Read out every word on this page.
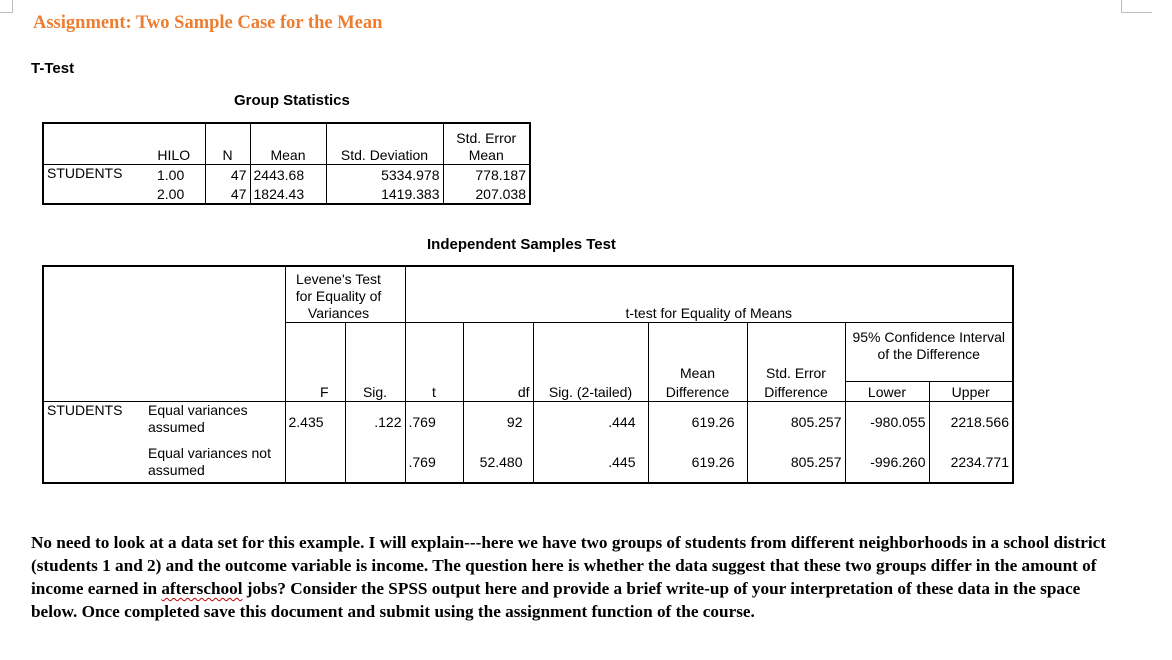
Assignment: Two Sample Case for the Mean
T-Test
Group Statistics
	HILO	N	Mean	Std. Deviation	Std. Error
Mean

STUDENTS	1.00	47	2443.68	5334.978	778.187
	2.00	47	1824.43	1419.383	207.038
Independent Samples Test

		Levene's Test for Equality of Variances		t-test for Equality of Means						
							Mean	Std. Error	95% Confidence Interval of the Difference	
		F	Sig.	t	df	Sig. (2-tailed)	Difference	Difference	Lower	Upper
STUDENTS	Equal variances assumed	2.435	.122	.769	92	.444	619.26	805.257	-980.055	2218.566
	Equal variances not assumed			.769	52.480	.445	619.26	805.257	-996.260	2234.771
No need to look at a data set for this example. I will explain---here we have two groups of students from different neighborhoods in a school district (students 1 and 2) and the outcome variable is income. The question here is whether the data suggest that these two groups differ in the amount of income earned in afterschool jobs? Consider the SPSS output here and provide a brief write-up of your interpretation of these data in the space below. Once completed save this document and submit using the assignment function of the course.
